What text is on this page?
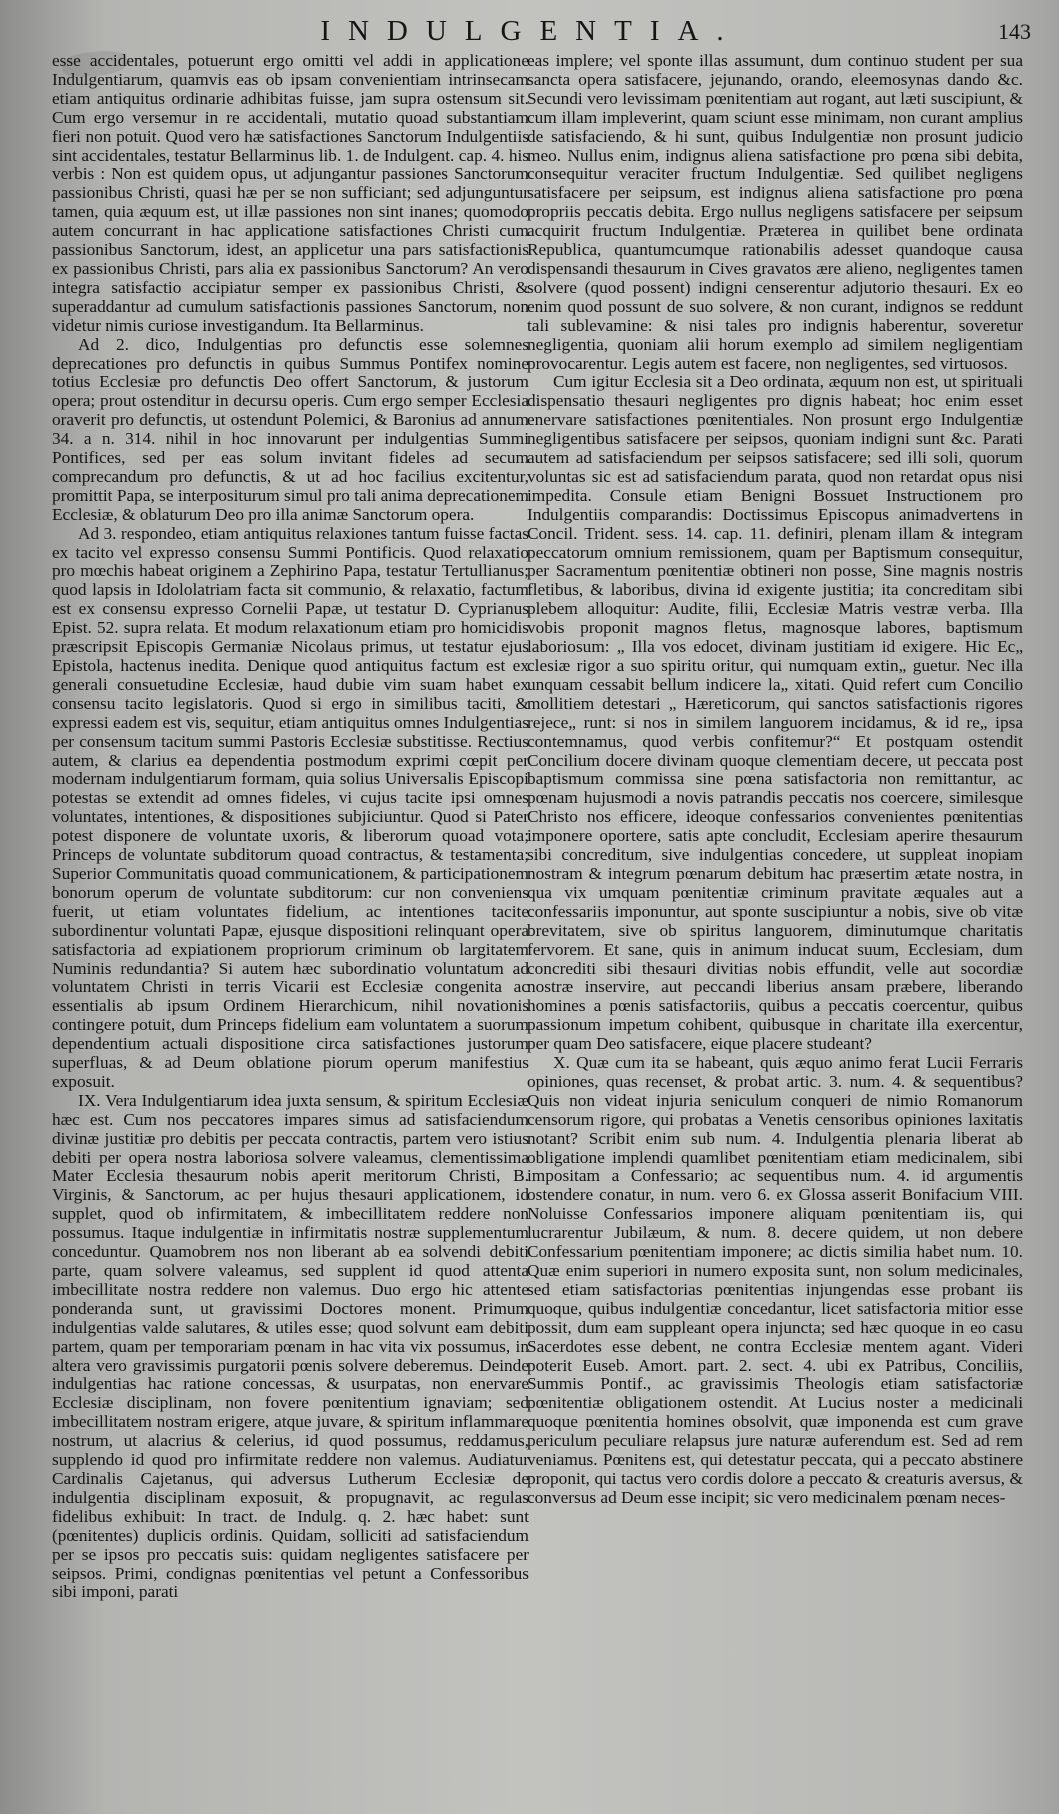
INDULGENTIA.	143

esse accidentales, potuerunt ergo omitti vel addi in applicatione Indulgentiarum, quamvis eas ob ipsam convenientiam intrinsecam etiam antiquitus ordinarie adhibitas fuisse, jam supra ostensum sit. Cum ergo versemur in re accidentali, mutatio quoad substantiam fieri non potuit. Quod vero hæ satisfactiones Sanctorum Indulgentiis sint accidentales, testatur Bellarminus lib. 1. de Indulgent. cap. 4. his verbis : Non est quidem opus, ut adjungantur passiones Sanctorum passionibus Christi, quasi hæ per se non sufficiant; sed adjunguntur tamen, quia æquum est, ut illæ passiones non sint inanes; quomodo autem concurrant in hac applicatione satisfactiones Christi cum passionibus Sanctorum, idest, an applicetur una pars satisfactionis ex passionibus Christi, pars alia ex passionibus Sanctorum? An vero integra satisfactio accipiatur semper ex passionibus Christi, & superaddantur ad cumulum satisfactionis passiones Sanctorum, non videtur nimis curiose investigandum. Ita Bellarminus.

Ad 2. dico, Indulgentias pro defunctis esse solemnes deprecationes pro defunctis in quibus Summus Pontifex nomine totius Ecclesiæ pro defunctis Deo offert Sanctorum, & justorum opera; prout ostenditur in decursu operis. Cum ergo semper Ecclesia oraverit pro defunctis, ut ostendunt Polemici, & Baronius ad annum 34. a n. 314. nihil in hoc innovarunt per indulgentias Summi Pontifices, sed per eas solum invitant fideles ad secum comprecandum pro defunctis, & ut ad hoc facilius excitentur, promittit Papa, se interpositurum simul pro tali anima deprecationem Ecclesiæ, & oblaturum Deo pro illa animæ Sanctorum opera.

Ad 3. respondeo, etiam antiquitus relaxiones tantum fuisse factas ex tacito vel expresso consensu Summi Pontificis. Quod relaxatio pro mœchis habeat originem a Zephirino Papa, testatur Tertullianus; quod lapsis in Idololatriam facta sit communio, & relaxatio, factum est ex consensu expresso Cornelii Papæ, ut testatur D. Cyprianus Epist. 52. supra relata. Et modum relaxationum etiam pro homicidis præscripsit Episcopis Germaniæ Nicolaus primus, ut testatur ejus Epistola, hactenus inedita. Denique quod antiquitus factum est ex generali consuetudine Ecclesiæ, haud dubie vim suam habet ex consensu tacito legislatoris. Quod si ergo in similibus taciti, & expressi eadem est vis, sequitur, etiam antiquitus omnes Indulgentias per consensum tacitum summi Pastoris Ecclesiæ substitisse. Rectius autem, & clarius ea dependentia postmodum exprimi cœpit per modernam indulgentiarum formam, quia solius Universalis Episcopi potestas se extendit ad omnes fideles, vi cujus tacite ipsi omnes voluntates, intentiones, & dispositiones subjiciuntur. Quod si Pater potest disponere de voluntate uxoris, & liberorum quoad vota; Princeps de voluntate subditorum quoad contractus, & testamenta; Superior Communitatis quoad communicationem, & participationem bonorum operum de voluntate subditorum: cur non conveniens fuerit, ut etiam voluntates fidelium, ac intentiones tacite subordinentur voluntati Papæ, ejusque dispositioni relinquant opera satisfactoria ad expiationem propriorum criminum ob largitatem Numinis redundantia? Si autem hæc subordinatio voluntatum ad voluntatem Christi in terris Vicarii est Ecclesiæ congenita ac essentialis ab ipsum Ordinem Hierarchicum, nihil novationis contingere potuit, dum Princeps fidelium eam voluntatem a suorum dependentium actuali dispositione circa satisfactiones justorum superfluas, & ad Deum oblatione piorum operum manifestius exposuit.

IX. Vera Indulgentiarum idea juxta sensum, & spiritum Ecclesiæ hæc est. Cum nos peccatores impares simus ad satisfaciendum divinæ justitiæ pro debitis per peccata contractis, partem vero istius debiti per opera nostra laboriosa solvere valeamus, clementissima Mater Ecclesia thesaurum nobis aperit meritorum Christi, B. Virginis, & Sanctorum, ac per hujus thesauri applicationem, id supplet, quod ob infirmitatem, & imbecillitatem reddere non possumus. Itaque indulgentiæ in infirmitatis nostræ supplementum conceduntur. Quamobrem nos non liberant ab ea solvendi debiti parte, quam solvere valeamus, sed supplent id quod attenta imbecillitate nostra reddere non valemus. Duo ergo hic attente ponderanda sunt, ut gravissimi Doctores monent. Primum indulgentias valde salutares, & utiles esse; quod solvunt eam debiti partem, quam per temporariam pœnam in hac vita vix possumus, in altera vero gravissimis purgatorii pœnis solvere deberemus. Deinde indulgentias hac ratione concessas, & usurpatas, non enervare Ecclesiæ disciplinam, non fovere pœnitentium ignaviam; sed imbecillitatem nostram erigere, atque juvare, & spiritum inflammare nostrum, ut alacrius & celerius, id quod possumus, reddamus, supplendo id quod pro infirmitate reddere non valemus. Audiatur Cardinalis Cajetanus, qui adversus Lutherum Ecclesiæ de indulgentia disciplinam exposuit, & propugnavit, ac regulas fidelibus exhibuit: In tract. de Indulg. q. 2. hæc habet: sunt (pœnitentes) duplicis ordinis. Quidam, solliciti ad satisfaciendum per se ipsos pro peccatis suis: quidam negligentes satisfacere per seipsos. Primi, condignas pœnitentias vel petunt a Confessoribus sibi imponi, parati

eas implere; vel sponte illas assumunt, dum continuo student per sua sancta opera satisfacere, jejunando, orando, eleemosynas dando &c. Secundi vero levissimam pœnitentiam aut rogant, aut læti suscipiunt, & cum illam impleverint, quam sciunt esse minimam, non curant amplius de satisfaciendo, & hi sunt, quibus Indulgentiæ non prosunt judicio meo. Nullus enim, indignus aliena satisfactione pro pœna sibi debita, consequitur veraciter fructum Indulgentiæ. Sed quilibet negligens satisfacere per seipsum, est indignus aliena satisfactione pro pœna propriis peccatis debita. Ergo nullus negligens satisfacere per seipsum acquirit fructum Indulgentiæ. Præterea in quilibet bene ordinata Republica, quantumcumque rationabilis adesset quandoque causa dispensandi thesaurum in Cives gravatos ære alieno, negligentes tamen solvere (quod possent) indigni censerentur adjutorio thesauri. Ex eo enim quod possunt de suo solvere, & non curant, indignos se reddunt tali sublevamine: & nisi tales pro indignis haberentur, soveretur negligentia, quoniam alii horum exemplo ad similem negligentiam provocarentur. Legis autem est facere, non negligentes, sed virtuosos.

Cum igitur Ecclesia sit a Deo ordinata, æquum non est, ut spirituali dispensatio thesauri negligentes pro dignis habeat; hoc enim esset enervare satisfactiones pœnitentiales. Non prosunt ergo Indulgentiæ negligentibus satisfacere per seipsos, quoniam indigni sunt &c. Parati autem ad satisfaciendum per seipsos satisfacere; sed illi soli, quorum voluntas sic est ad satisfaciendum parata, quod non retardat opus nisi impedita. Consule etiam Benigni Bossuet Instructionem pro Indulgentiis comparandis: Doctissimus Episcopus animadvertens in Concil. Trident. sess. 14. cap. 11. definiri, plenam illam & integram peccatorum omnium remissionem, quam per Baptismum consequitur, per Sacramentum pœnitentiæ obtineri non posse, Sine magnis nostris fletibus, & laboribus, divina id exigente justitia; ita concreditam sibi plebem alloquitur: Audite, filii, Ecclesiæ Matris vestræ verba. Illa vobis proponit magnos fletus, magnosque labores, baptismum laboriosum: „ Illa vos edocet, divinam justitiam id exigere. Hic Ec„ clesiæ rigor a suo spiritu oritur, qui numquam extin„ guetur. Nec illa unquam cessabit bellum indicere la„ xitati. Quid refert cum Concilio mollitiem detestari „ Hæreticorum, qui sanctos satisfactionis rigores rejece„ runt: si nos in similem languorem incidamus, & id re„ ipsa contemnamus, quod verbis confitemur?“ Et postquam ostendit Concilium docere divinam quoque clementiam decere, ut peccata post baptismum commissa sine pœna satisfactoria non remittantur, ac pœnam hujusmodi a novis patrandis peccatis nos coercere, similesque Christo nos efficere, ideoque confessarios convenientes pœnitentias imponere oportere, satis apte concludit, Ecclesiam aperire thesaurum sibi concreditum, sive indulgentias concedere, ut suppleat inopiam nostram & integrum pœnarum debitum hac præsertim ætate nostra, in qua vix umquam pœnitentiæ criminum pravitate æquales aut a confessariis imponuntur, aut sponte suscipiuntur a nobis, sive ob vitæ brevitatem, sive ob spiritus languorem, diminutumque charitatis fervorem. Et sane, quis in animum inducat suum, Ecclesiam, dum concrediti sibi thesauri divitias nobis effundit, velle aut socordiæ nostræ inservire, aut peccandi liberius ansam præbere, liberando homines a pœnis satisfactoriis, quibus a peccatis coercentur, quibus passionum impetum cohibent, quibusque in charitate illa exercentur, per quam Deo satisfacere, eique placere studeant?

X. Quæ cum ita se habeant, quis æquo animo ferat Lucii Ferraris opiniones, quas recenset, & probat artic. 3. num. 4. & sequentibus? Quis non videat injuria seniculum conqueri de nimio Romanorum censorum rigore, qui probatas a Venetis censoribus opiniones laxitatis notant? Scribit enim sub num. 4. Indulgentia plenaria liberat ab obligatione implendi quamlibet pœnitentiam etiam medicinalem, sibi impositam a Confessario; ac sequentibus num. 4. id argumentis ostendere conatur, in num. vero 6. ex Glossa asserit Bonifacium VIII. Noluisse Confessarios imponere aliquam pœnitentiam iis, qui lucrarentur Jubilæum, & num. 8. decere quidem, ut non debere Confessarium pœnitentiam imponere; ac dictis similia habet num. 10. Quæ enim superiori in numero exposita sunt, non solum medicinales, sed etiam satisfactorias pœnitentias injungendas esse probant iis quoque, quibus indulgentiæ concedantur, licet satisfactoria mitior esse possit, dum eam suppleant opera injuncta; sed hæc quoque in eo casu Sacerdotes esse debent, ne contra Ecclesiæ mentem agant. Videri poterit Euseb. Amort. part. 2. sect. 4. ubi ex Patribus, Conciliis, Summis Pontif., ac gravissimis Theologis etiam satisfactoriæ pœnitentiæ obligationem ostendit. At Lucius noster a medicinali quoque pœnitentia homines obsolvit, quæ imponenda est cum grave periculum peculiare relapsus jure naturæ auferendum est. Sed ad rem veniamus. Pœnitens est, qui detestatur peccata, qui a peccato abstinere proponit, qui tactus vero cordis dolore a peccato & creaturis aversus, & conversus ad Deum esse incipit; sic vero medicinalem pœnam neces-
